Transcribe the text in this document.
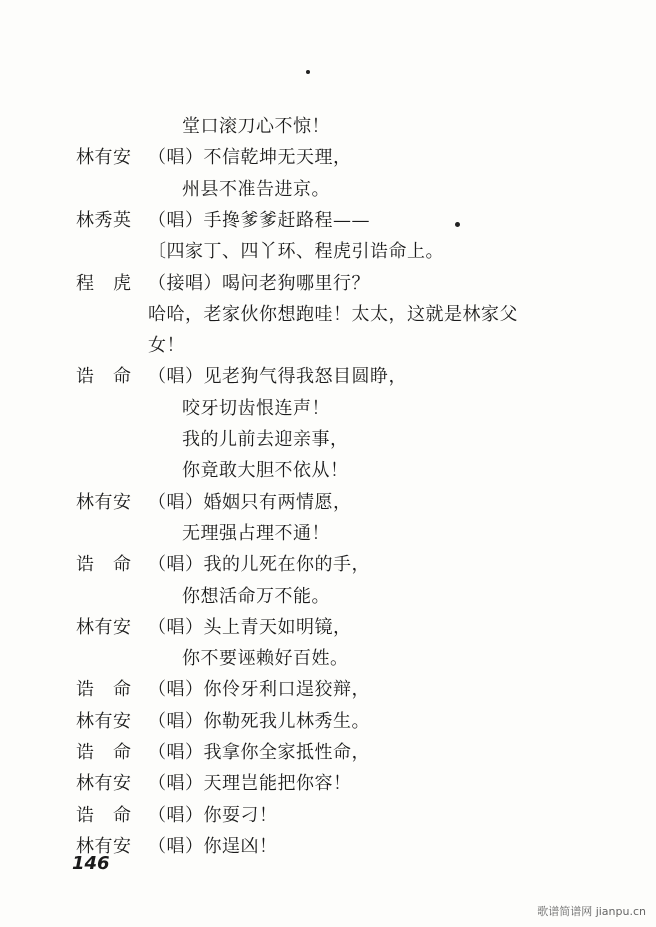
堂口滚刀心不惊！
林有安 （唱）不信乾坤无天理，
州县不准告进京。
林秀英 （唱）手搀爹爹赶路程——
〔四家丁、四丫环、程虎引诰命上。
程　虎 （接唱）喝问老狗哪里行？
哈哈，老家伙你想跑哇！太太，这就是林家父
女！
诰　命 （唱）见老狗气得我怒目圆睁，
咬牙切齿恨连声！
我的儿前去迎亲事，
你竟敢大胆不依从！
林有安 （唱）婚姻只有两情愿，
无理强占理不通！
诰　命 （唱）我的儿死在你的手，
你想活命万不能。
林有安 （唱）头上青天如明镜，
你不要诬赖好百姓。
诰　命 （唱）你伶牙利口逞狡辩，
林有安 （唱）你勒死我儿林秀生。
诰　命 （唱）我拿你全家抵性命，
林有安 （唱）天理岂能把你容！
诰　命 （唱）你耍刁！
林有安 （唱）你逞凶！
146
歌谱简谱网 jianpu.cn
